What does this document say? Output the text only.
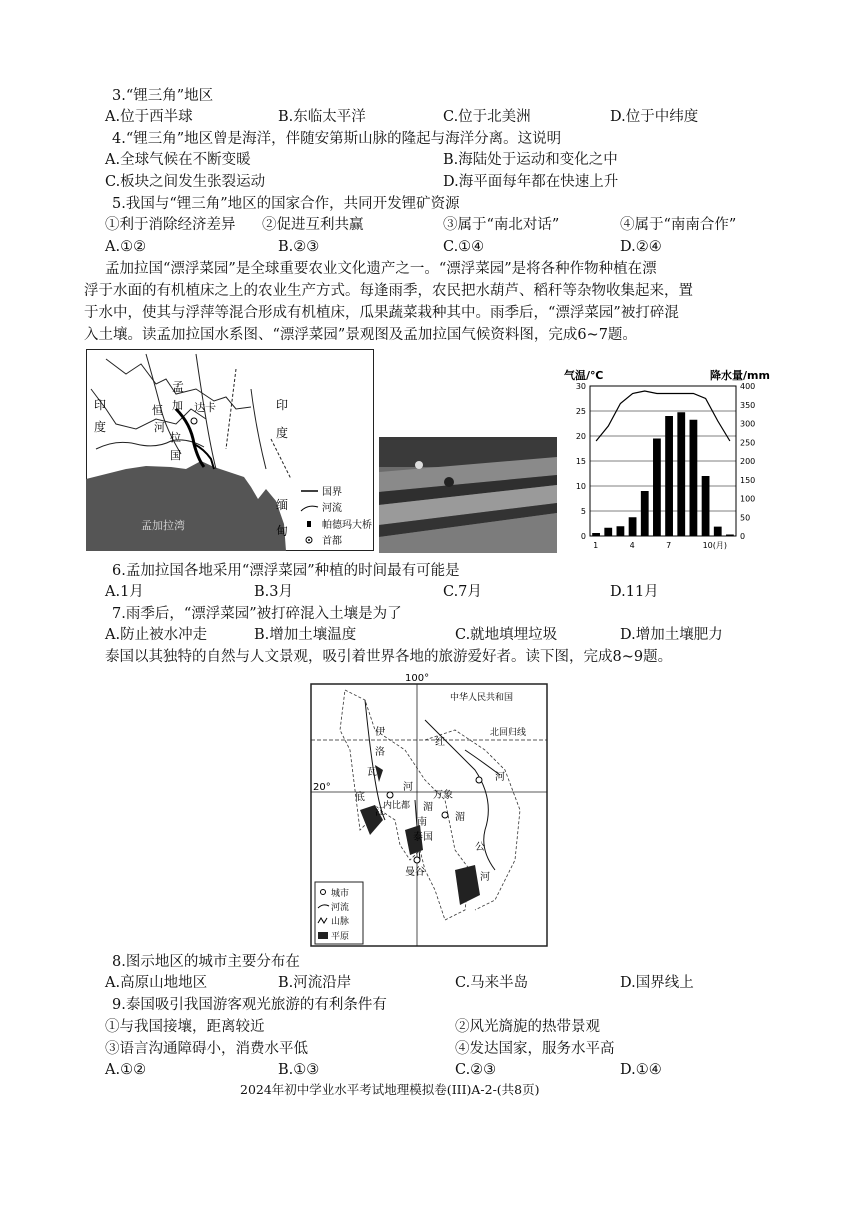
3.“锂三角”地区
A.位于西半球	B.东临太平洋	C.位于北美洲	D.位于中纬度
4.“锂三角”地区曾是海洋，伴随安第斯山脉的隆起与海洋分离。这说明
A.全球气候在不断变暖	B.海陆处于运动和变化之中
C.板块之间发生张裂运动	D.海平面每年都在快速上升
5.我国与“锂三角”地区的国家合作，共同开发锂矿资源
①利于消除经济差异 ②促进互利共赢	③属于“南北对话”	④属于“南南合作”
A.①②	B.②③	C.①④	D.②④
孟加拉国“漂浮菜园”是全球重要农业文化遗产之一。“漂浮菜园”是将各种作物种植在漂
浮于水面的有机植床之上的农业生产方式。每逢雨季，农民把水葫芦、稻秆等杂物收集起来，置
于水中，使其与浮萍等混合形成有机植床，瓜果蔬菜栽种其中。雨季后，“漂浮菜园”被打碎混
入土壤。读孟加拉国水系图、“漂浮菜园”景观图及孟加拉国气候资料图，完成6~7题。
孟
加
拉
国
达卡
恒
河
印
度
印
度
缅
甸
孟加拉湾
国界
河流
帕德玛大桥
首都
气温/℃	降水量/mm
0
5
10
15
20
25
30
0
50
100
150
200
250
300
350
400
1	4	7	10(月)
6.孟加拉国各地采用“漂浮菜园”种植的时间最有可能是
A.1月	B.3月	C.7月	D.11月
7.雨季后，“漂浮菜园”被打碎混入土壤是为了
A.防止被水冲走	B.增加土壤温度	C.就地填埋垃圾	D.增加土壤肥力
泰国以其独特的自然与人文景观，吸引着世界各地的旅游爱好者。读下图，完成8~9题。
100°
20°
中华人民共和国
北回归线
伊
洛
瓦
底
江
红
河
湄
公
河
万象
内比都
泰国
曼谷
湄
南
河
城市
河流
山脉
平原
8.图示地区的城市主要分布在
A.高原山地地区	B.河流沿岸	C.马来半岛	D.国界线上
9.泰国吸引我国游客观光旅游的有利条件有
①与我国接壤，距离较近	②风光旖旎的热带景观
③语言沟通障碍小，消费水平低	④发达国家，服务水平高
A.①②	B.①③	C.②③	D.①④
2024年初中学业水平考试地理模拟卷(III)A-2-(共8页)
